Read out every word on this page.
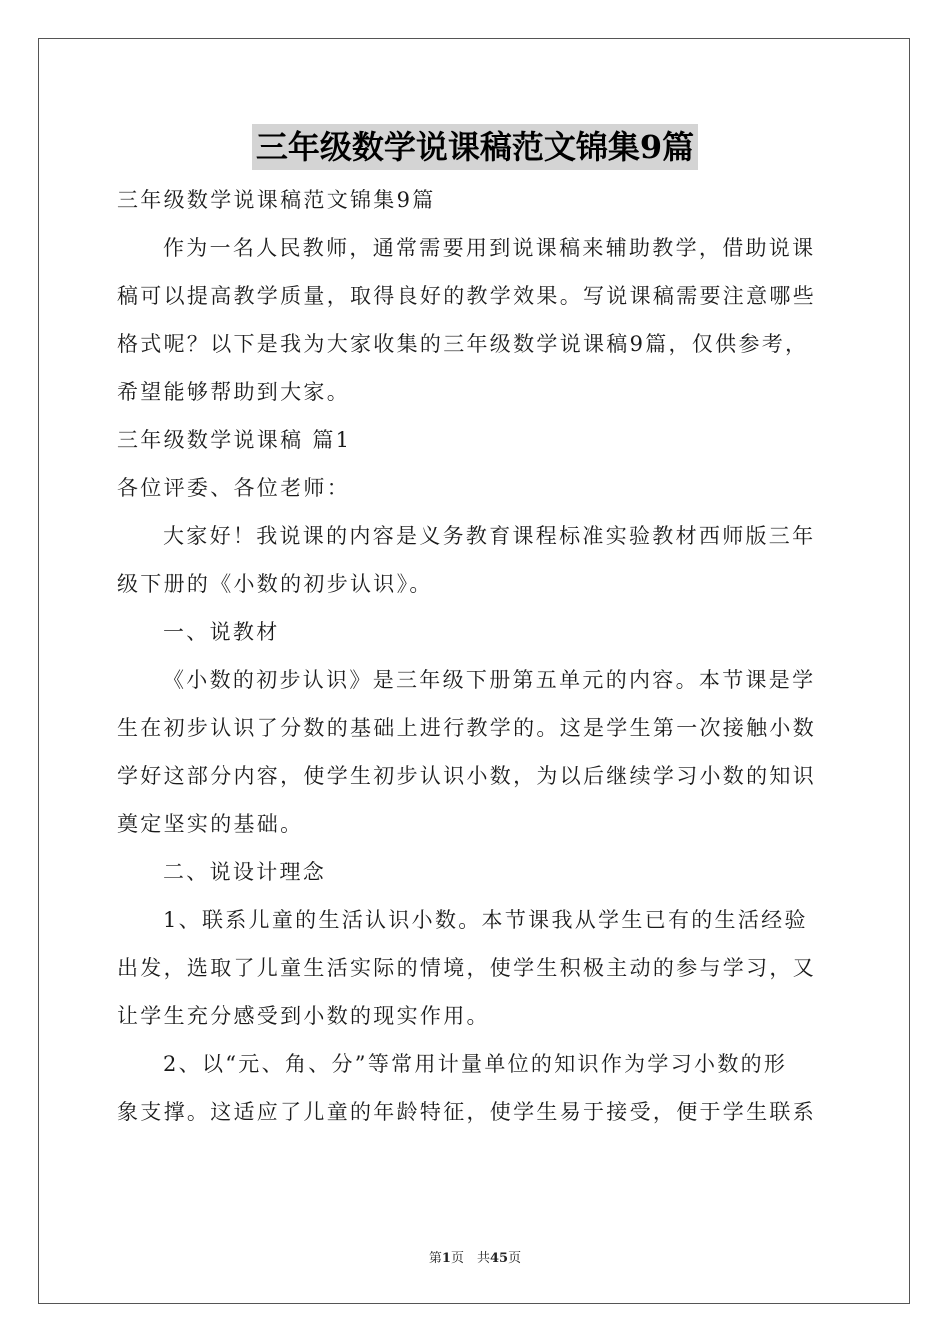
三年级数学说课稿范文锦集9篇

三年级数学说课稿范文锦集9篇

作为一名人民教师，通常需要用到说课稿来辅助教学，借助说课

稿可以提高教学质量，取得良好的教学效果。写说课稿需要注意哪些

格式呢？以下是我为大家收集的三年级数学说课稿9篇，仅供参考，

希望能够帮助到大家。

三年级数学说课稿 篇1

各位评委、各位老师：

大家好！我说课的内容是义务教育课程标准实验教材西师版三年

级下册的《小数的初步认识》。

一、说教材

《小数的初步认识》是三年级下册第五单元的内容。本节课是学

生在初步认识了分数的基础上进行教学的。这是学生第一次接触小数

学好这部分内容，使学生初步认识小数，为以后继续学习小数的知识

奠定坚实的基础。

二、说设计理念

1、联系儿童的生活认识小数。本节课我从学生已有的生活经验

出发，选取了儿童生活实际的情境，使学生积极主动的参与学习，又

让学生充分感受到小数的现实作用。

2、以“元、角、分”等常用计量单位的知识作为学习小数的形

象支撑。这适应了儿童的年龄特征，使学生易于接受，便于学生联系

第1页　共45页
